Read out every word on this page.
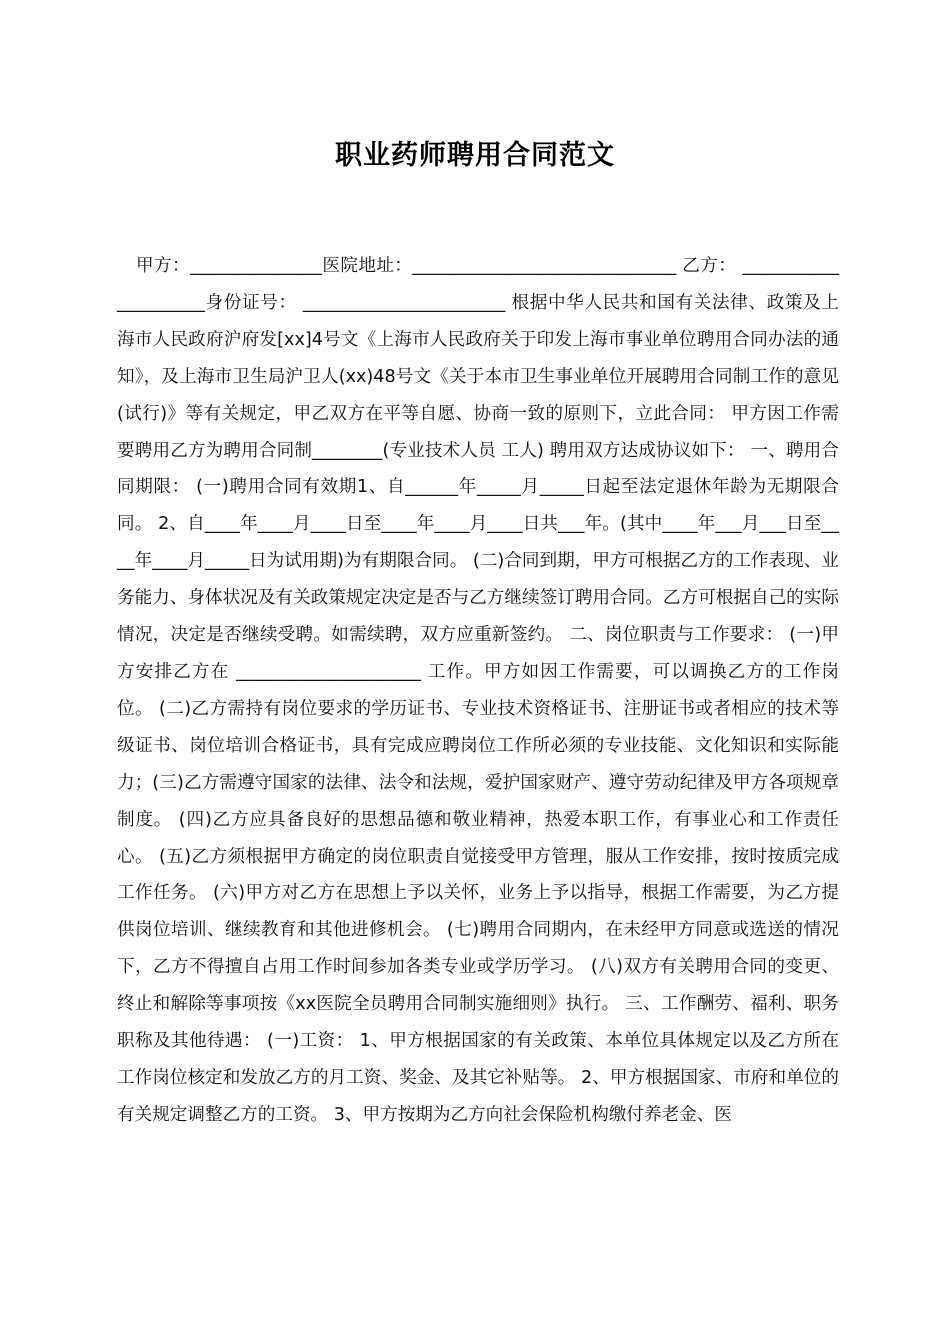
职业药师聘用合同范文

甲方：_______________医院地址：______________________________ 乙方： _____________________身份证号： _______________________ 根据中华人民共和国有关法律、政策及上海市人民政府沪府发[xx]4号文《上海市人民政府关于印发上海市事业单位聘用合同办法的通知》，及上海市卫生局沪卫人(xx)48号文《关于本市卫生事业单位开展聘用合同制工作的意见(试行)》等有关规定，甲乙双方在平等自愿、协商一致的原则下，立此合同： 甲方因工作需要聘用乙方为聘用合同制________(专业技术人员 工人) 聘用双方达成协议如下： 一、聘用合同期限： (一)聘用合同有效期1、自______年_____月_____日起至法定退休年龄为无期限合同。 2、自____年____月____日至____年____月____日共___年。(其中____年___月___日至____年____月_____日为试用期)为有期限合同。 (二)合同到期，甲方可根据乙方的工作表现、业务能力、身体状况及有关政策规定决定是否与乙方继续签订聘用合同。乙方可根据自己的实际情况，决定是否继续受聘。如需续聘，双方应重新签约。 二、岗位职责与工作要求： (一)甲方安排乙方在 _____________________ 工作。甲方如因工作需要，可以调换乙方的工作岗位。 (二)乙方需持有岗位要求的学历证书、专业技术资格证书、注册证书或者相应的技术等级证书、岗位培训合格证书，具有完成应聘岗位工作所必须的专业技能、文化知识和实际能力；(三)乙方需遵守国家的法律、法令和法规，爱护国家财产、遵守劳动纪律及甲方各项规章制度。 (四)乙方应具备良好的思想品德和敬业精神，热爱本职工作，有事业心和工作责任心。 (五)乙方须根据甲方确定的岗位职责自觉接受甲方管理，服从工作安排，按时按质完成工作任务。 (六)甲方对乙方在思想上予以关怀，业务上予以指导，根据工作需要，为乙方提供岗位培训、继续教育和其他进修机会。 (七)聘用合同期内，在未经甲方同意或选送的情况下，乙方不得擅自占用工作时间参加各类专业或学历学习。 (八)双方有关聘用合同的变更、终止和解除等事项按《xx医院全员聘用合同制实施细则》执行。 三、工作酬劳、福利、职务职称及其他待遇： (一)工资： 1、甲方根据国家的有关政策、本单位具体规定以及乙方所在工作岗位核定和发放乙方的月工资、奖金、及其它补贴等。 2、甲方根据国家、市府和单位的有关规定调整乙方的工资。 3、甲方按期为乙方向社会保险机构缴付养老金、医
